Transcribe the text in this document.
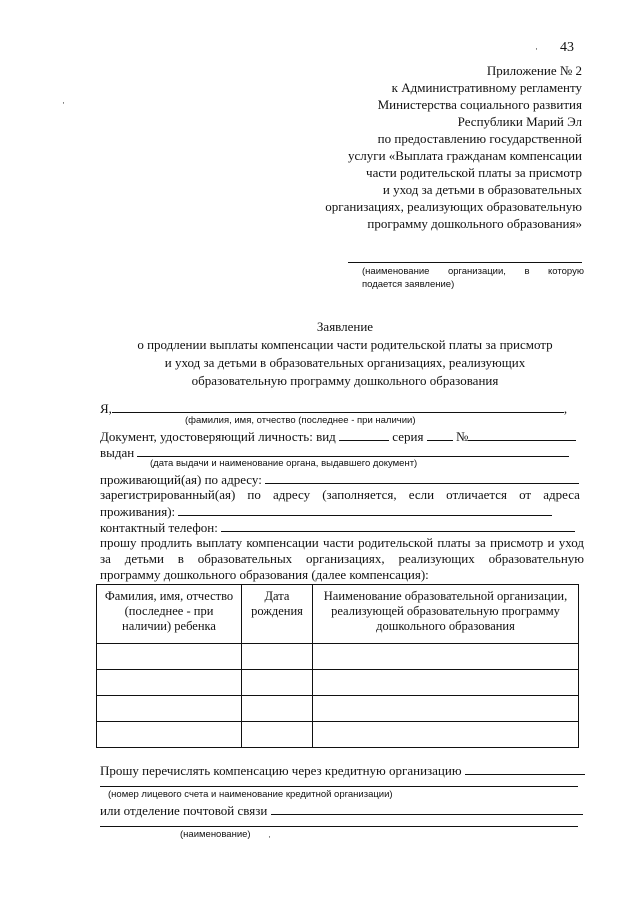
43
Приложение № 2
к Административному регламенту
Министерства социального развития
Республики Марий Эл
по предоставлению государственной
услуги «Выплата гражданам компенсации
части родительской платы за присмотр
и уход за детьми в образовательных
организациях, реализующих образовательную
программу дошкольного образования»
·
·
(наименование организации, в которую
подается заявление)
Заявление
о продлении выплаты компенсации части родительской платы за присмотр
и уход за детьми в образовательных организациях, реализующих
образовательную программу дошкольного образования
Я,	,
(фамилия, имя, отчество (последнее - при наличии)
Документ, удостоверяющий личность: вид	серия	№
выдан
(дата выдачи и наименование органа, выдавшего документ)
проживающий(ая) по адресу:
зарегистрированный(ая) по адресу (заполняется, если отличается от адреса
проживания):
контактный телефон:
прошу продлить выплату компенсации части родительской платы за присмотр и уход за детьми в образовательных организациях, реализующих образовательную программу дошкольного образования (далее компенсация):
Фамилия, имя, отчество (последнее - при наличии) ребенка	Дата рождения	Наименование образовательной организации, реализующей образовательную программу дошкольного образования

Прошу перечислять компенсацию через кредитную организацию
(номер лицевого счета и наименование кредитной организации)
или отделение почтовой связи
(наименование) ·
